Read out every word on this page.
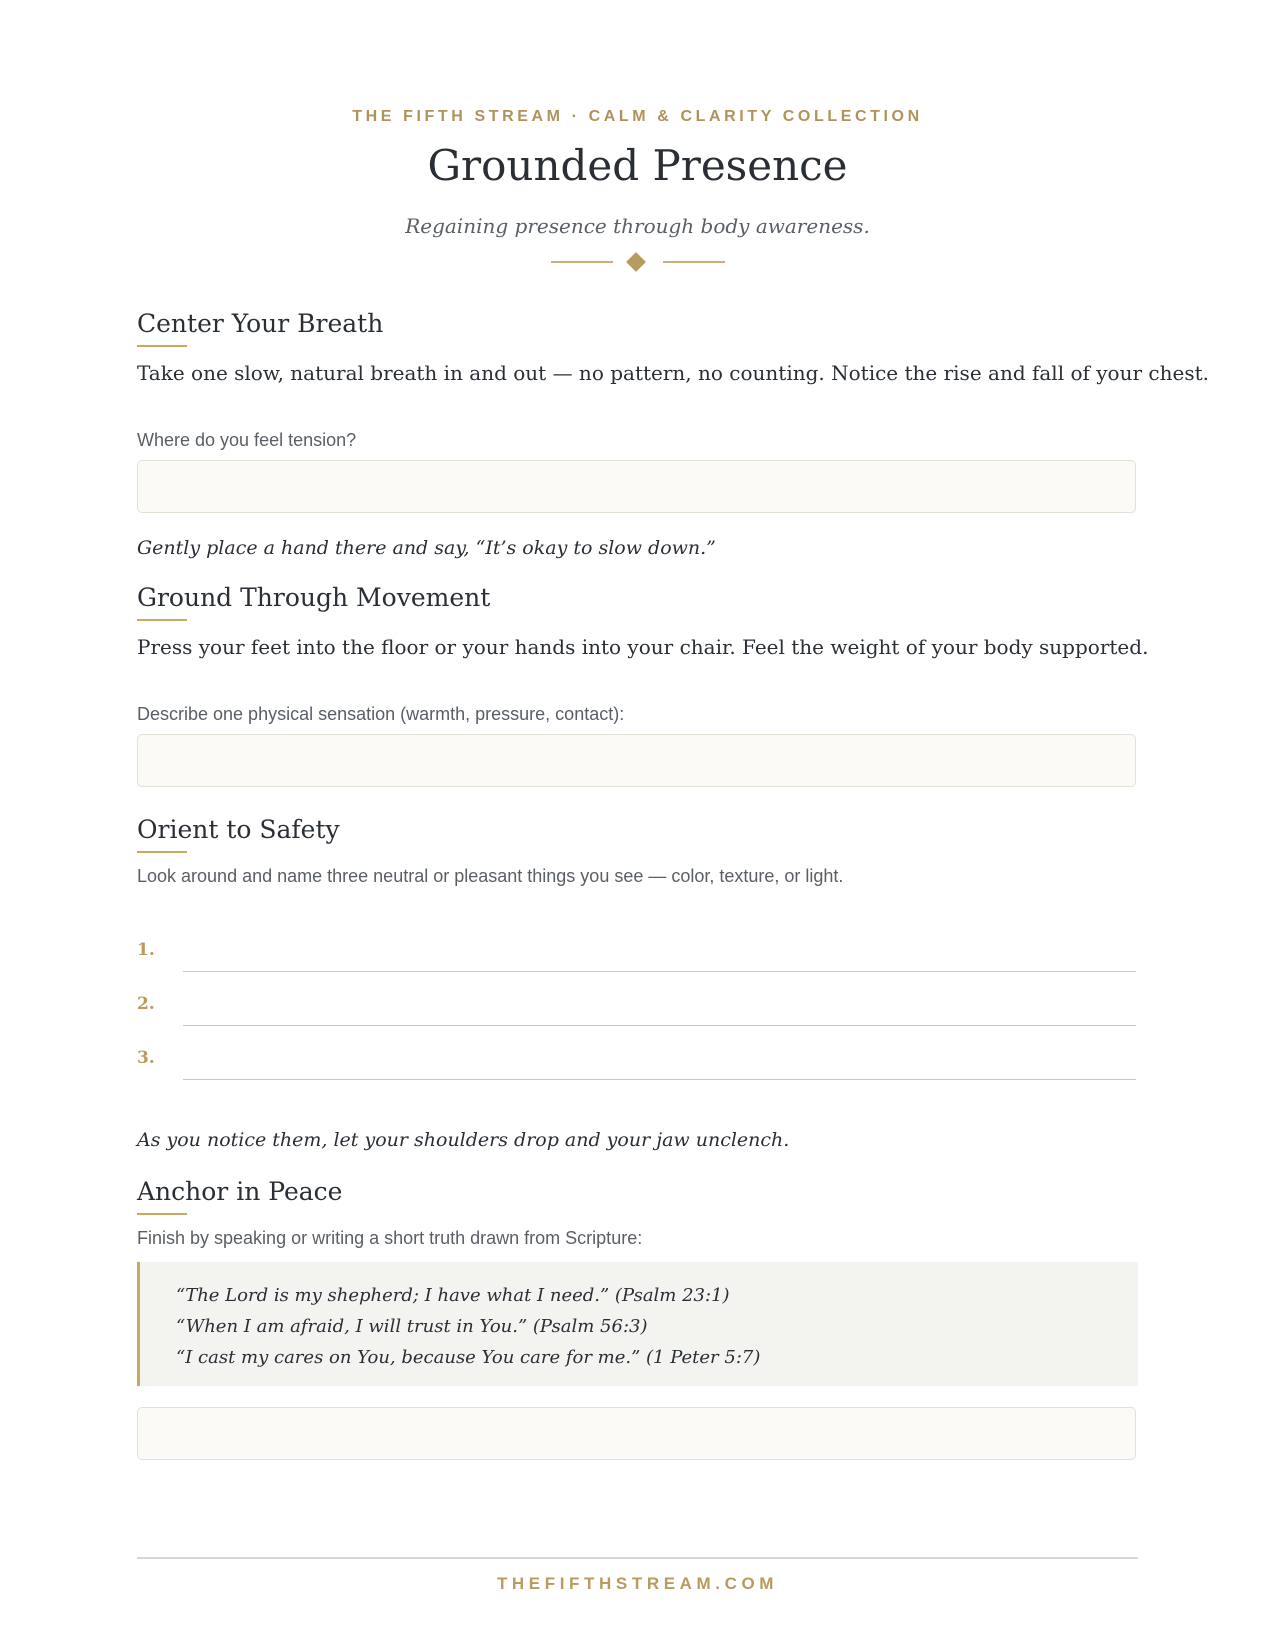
THE FIFTH STREAM · CALM & CLARITY COLLECTION
Grounded Presence
Regaining presence through body awareness.
Center Your Breath
Take one slow, natural breath in and out — no pattern, no counting. Notice the rise and fall of your chest.
Where do you feel tension?
Gently place a hand there and say, “It’s okay to slow down.”
Ground Through Movement
Press your feet into the floor or your hands into your chair. Feel the weight of your body supported.
Describe one physical sensation (warmth, pressure, contact):
Orient to Safety
Look around and name three neutral or pleasant things you see — color, texture, or light.
1.
2.
3.
As you notice them, let your shoulders drop and your jaw unclench.
Anchor in Peace
Finish by speaking or writing a short truth drawn from Scripture:
“The Lord is my shepherd; I have what I need.” (Psalm 23:1)
“When I am afraid, I will trust in You.” (Psalm 56:3)
“I cast my cares on You, because You care for me.” (1 Peter 5:7)
THEFIFTHSTREAM.COM
